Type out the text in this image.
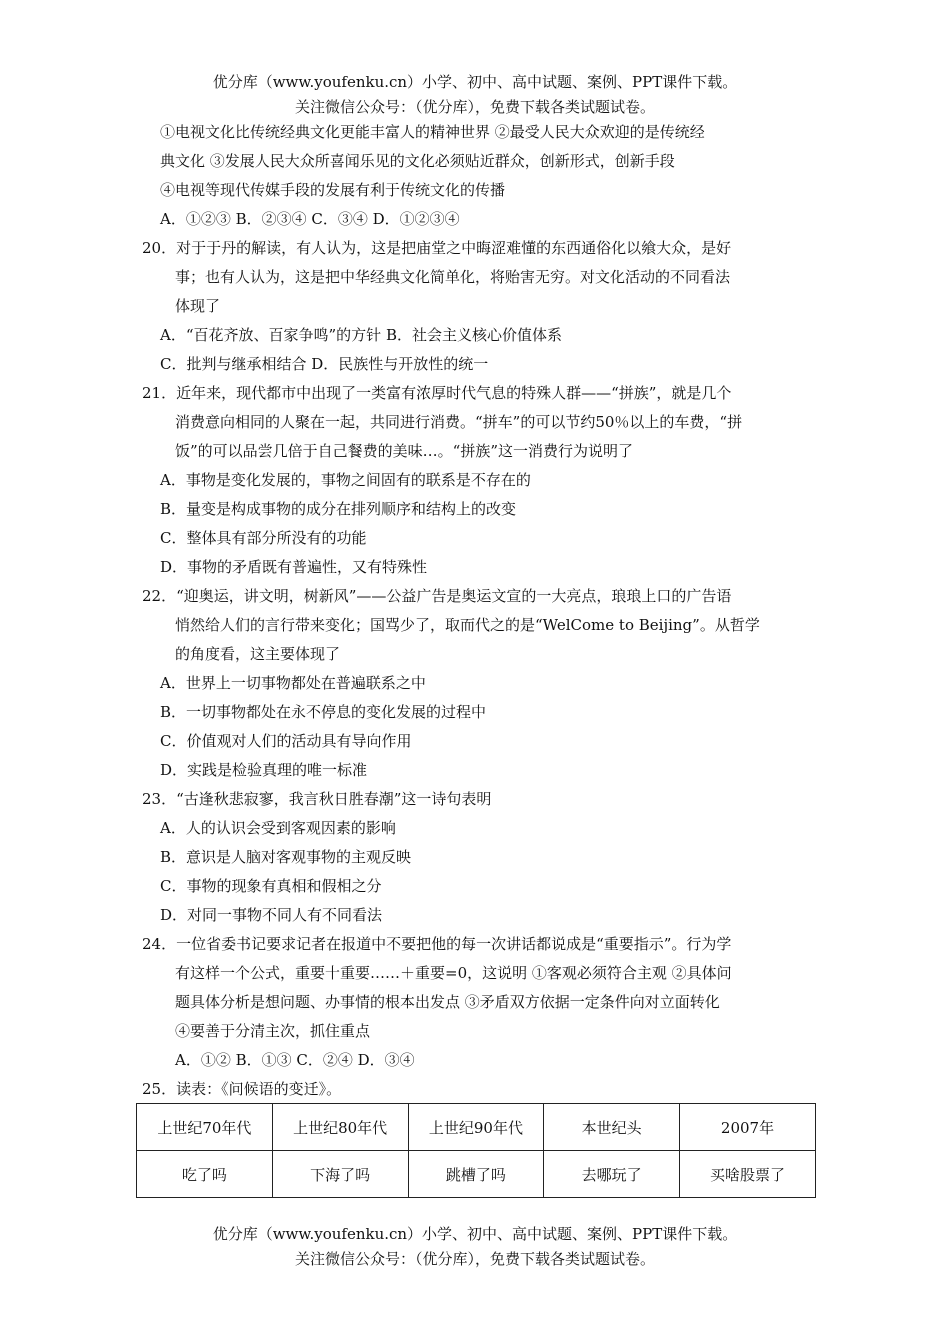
优分库（www.youfenku.cn）小学、初中、高中试题、案例、PPT课件下载。
关注微信公众号：（优分库），免费下载各类试题试卷。
①电视文化比传统经典文化更能丰富人的精神世界 ②最受人民大众欢迎的是传统经
典文化 ③发展人民大众所喜闻乐见的文化必须贴近群众，创新形式，创新手段
④电视等现代传媒手段的发展有利于传统文化的传播
A．①②③ B．②③④ C．③④ D．①②③④
20．对于于丹的解读，有人认为，这是把庙堂之中晦涩难懂的东西通俗化以飨大众，是好
事；也有人认为，这是把中华经典文化简单化，将贻害无穷。对文化活动的不同看法
体现了
A．“百花齐放、百家争鸣”的方针 B．社会主义核心价值体系
C．批判与继承相结合 D．民族性与开放性的统一
21．近年来，现代都市中出现了一类富有浓厚时代气息的特殊人群——“拼族”，就是几个
消费意向相同的人聚在一起，共同进行消费。“拼车”的可以节约50％以上的车费，“拼
饭”的可以品尝几倍于自己餐费的美味…。“拼族”这一消费行为说明了
A．事物是变化发展的，事物之间固有的联系是不存在的
B．量变是构成事物的成分在排列顺序和结构上的改变
C．整体具有部分所没有的功能
D．事物的矛盾既有普遍性，又有特殊性
22．“迎奥运，讲文明，树新风”——公益广告是奥运文宣的一大亮点，琅琅上口的广告语
悄然给人们的言行带来变化；国骂少了，取而代之的是“WelCome to Beijing”。从哲学
的角度看，这主要体现了
A．世界上一切事物都处在普遍联系之中
B．一切事物都处在永不停息的变化发展的过程中
C．价值观对人们的活动具有导向作用
D．实践是检验真理的唯一标准
23．“古逢秋悲寂寥，我言秋日胜春潮”这一诗句表明
A．人的认识会受到客观因素的影响
B．意识是人脑对客观事物的主观反映
C．事物的现象有真相和假相之分
D．对同一事物不同人有不同看法
24．一位省委书记要求记者在报道中不要把他的每一次讲话都说成是“重要指示”。行为学
有这样一个公式，重要十重要……＋重要=0，这说明 ①客观必须符合主观 ②具体问
题具体分析是想问题、办事情的根本出发点 ③矛盾双方依据一定条件向对立面转化
④要善于分清主次，抓住重点
A．①② B．①③ C．②④ D．③④
25．读表：《问候语的变迁》。
上世纪70年代	上世纪80年代	上世纪90年代	本世纪头	2007年
吃了吗	下海了吗	跳槽了吗	去哪玩了	买啥股票了
优分库（www.youfenku.cn）小学、初中、高中试题、案例、PPT课件下载。
关注微信公众号：（优分库），免费下载各类试题试卷。
